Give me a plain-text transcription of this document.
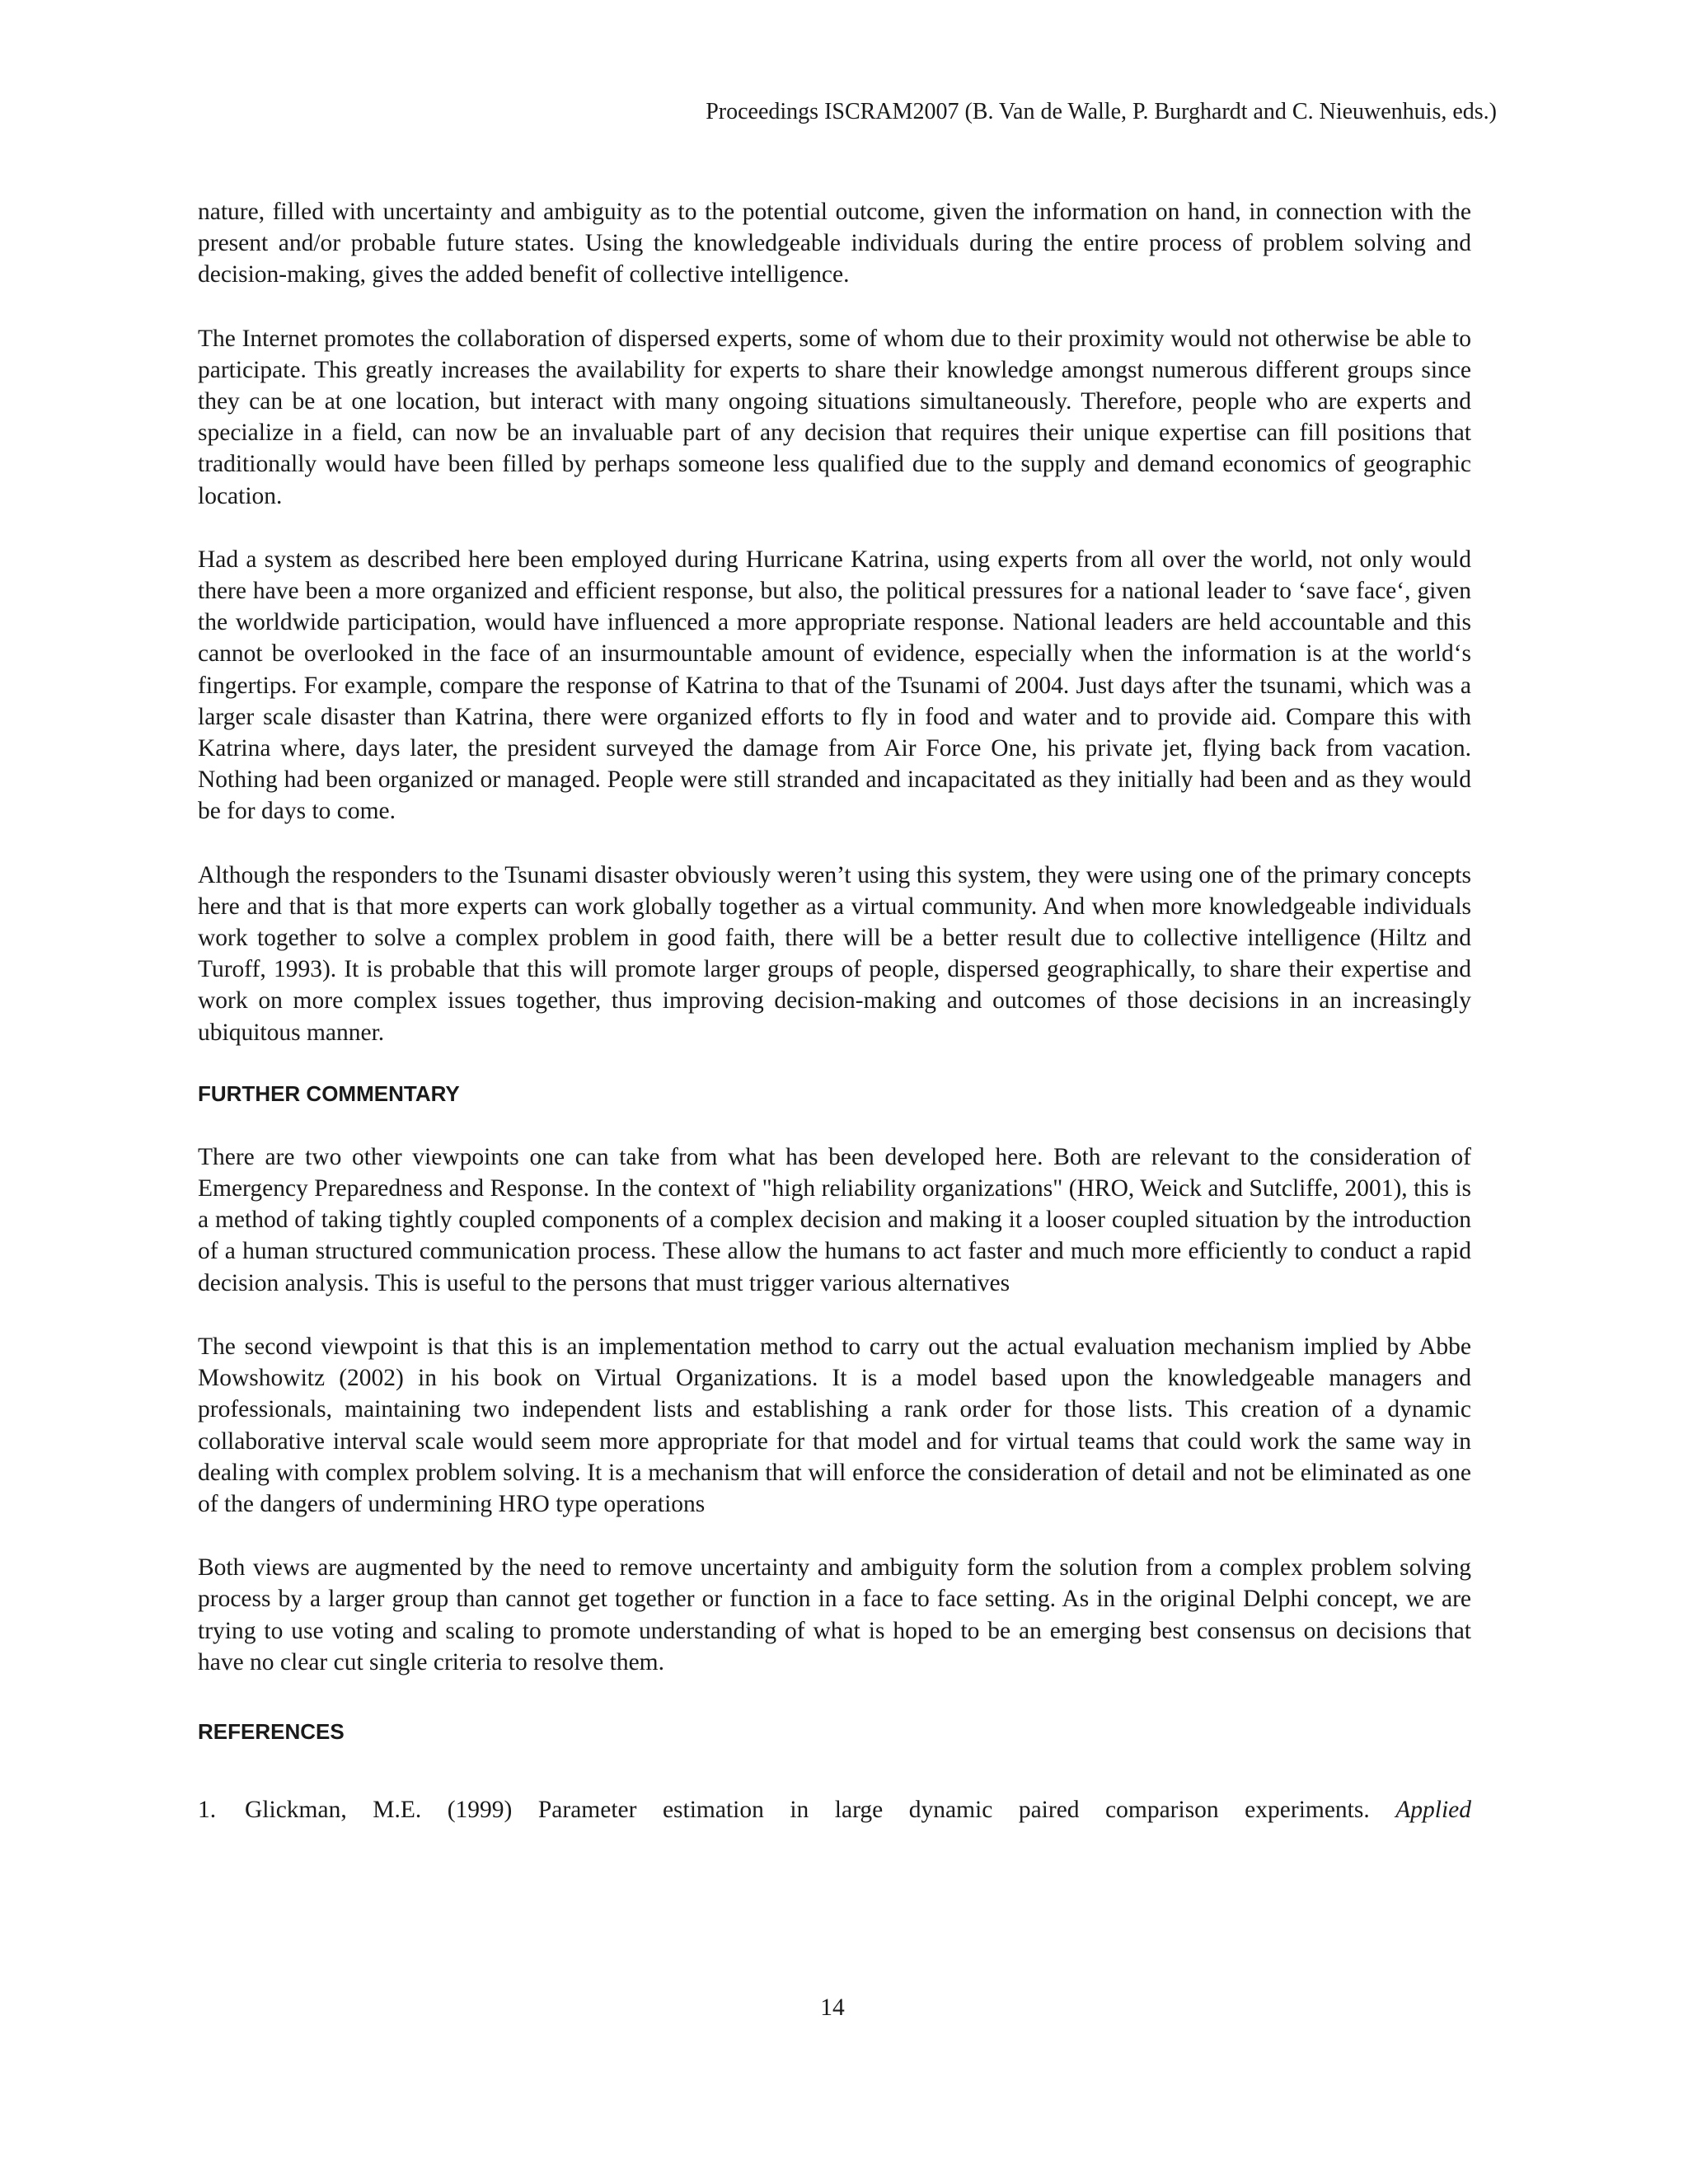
Proceedings ISCRAM2007 (B. Van de Walle, P. Burghardt and C. Nieuwenhuis, eds.)

nature, filled with uncertainty and ambiguity as to the potential outcome, given the information on hand, in connection with the present and/or probable future states. Using the knowledgeable individuals during the entire process of problem solving and decision-making, gives the added benefit of collective intelligence.

The Internet promotes the collaboration of dispersed experts, some of whom due to their proximity would not otherwise be able to participate. This greatly increases the availability for experts to share their knowledge amongst numerous different groups since they can be at one location, but interact with many ongoing situations simultaneously. Therefore, people who are experts and specialize in a field, can now be an invaluable part of any decision that requires their unique expertise can fill positions that traditionally would have been filled by perhaps someone less qualified due to the supply and demand economics of geographic location.

Had a system as described here been employed during Hurricane Katrina, using experts from all over the world, not only would there have been a more organized and efficient response, but also, the political pressures for a national leader to ‘save face‘, given the worldwide participation, would have influenced a more appropriate response. National leaders are held accountable and this cannot be overlooked in the face of an insurmountable amount of evidence, especially when the information is at the world‘s fingertips. For example, compare the response of Katrina to that of the Tsunami of 2004. Just days after the tsunami, which was a larger scale disaster than Katrina, there were organized efforts to fly in food and water and to provide aid. Compare this with Katrina where, days later, the president surveyed the damage from Air Force One, his private jet, flying back from vacation. Nothing had been organized or managed. People were still stranded and incapacitated as they initially had been and as they would be for days to come.

Although the responders to the Tsunami disaster obviously weren’t using this system, they were using one of the primary concepts here and that is that more experts can work globally together as a virtual community. And when more knowledgeable individuals work together to solve a complex problem in good faith, there will be a better result due to collective intelligence (Hiltz and Turoff, 1993). It is probable that this will promote larger groups of people, dispersed geographically, to share their expertise and work on more complex issues together, thus improving decision-making and outcomes of those decisions in an increasingly ubiquitous manner.

FURTHER COMMENTARY

There are two other viewpoints one can take from what has been developed here. Both are relevant to the consideration of Emergency Preparedness and Response. In the context of "high reliability organizations" (HRO, Weick and Sutcliffe, 2001), this is a method of taking tightly coupled components of a complex decision and making it a looser coupled situation by the introduction of a human structured communication process. These allow the humans to act faster and much more efficiently to conduct a rapid decision analysis. This is useful to the persons that must trigger various alternatives

The second viewpoint is that this is an implementation method to carry out the actual evaluation mechanism implied by Abbe Mowshowitz (2002) in his book on Virtual Organizations. It is a model based upon the knowledgeable managers and professionals, maintaining two independent lists and establishing a rank order for those lists. This creation of a dynamic collaborative interval scale would seem more appropriate for that model and for virtual teams that could work the same way in dealing with complex problem solving. It is a mechanism that will enforce the consideration of detail and not be eliminated as one of the dangers of undermining HRO type operations

Both views are augmented by the need to remove uncertainty and ambiguity form the solution from a complex problem solving process by a larger group than cannot get together or function in a face to face setting. As in the original Delphi concept, we are trying to use voting and scaling to promote understanding of what is hoped to be an emerging best consensus on decisions that have no clear cut single criteria to resolve them.

REFERENCES
1.	Glickman, M.E. (1999) Parameter estimation in large dynamic paired comparison experiments. Applied
14
